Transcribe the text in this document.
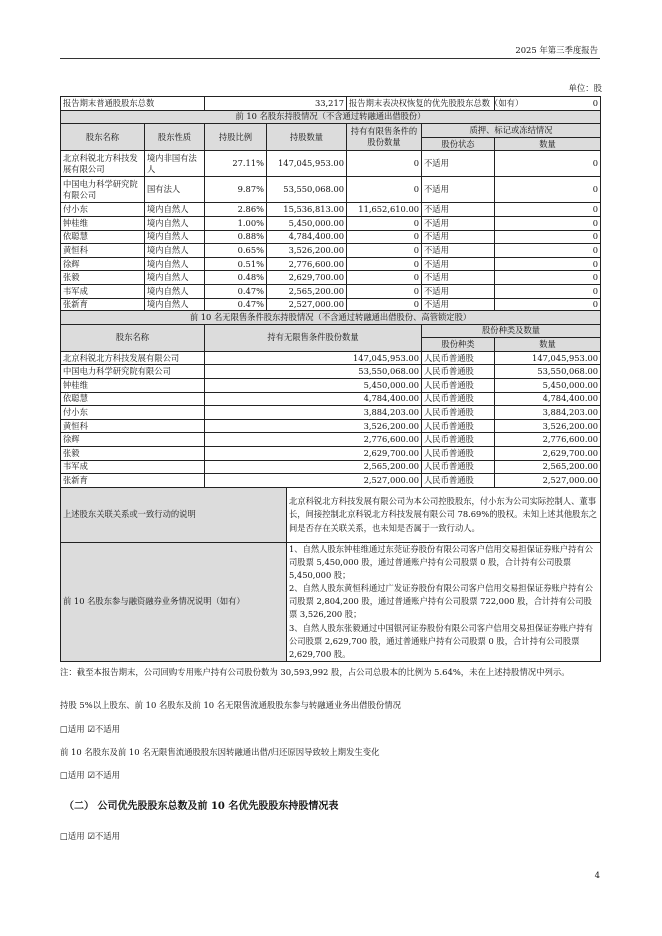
2025 年第三季度报告
单位：股
报告期末普通股股东总数		33,217		报告期末表决权恢复的优先股股东总数（如有）		0
前 10 名股东持股情况（不含通过转融通出借股份）						
股东名称	股东性质	持股比例	持股数量	持有有限售条件的股份数量	质押、标记或冻结情况	
					股份状态	数量
北京科锐北方科技发展有限公司	境内非国有法人	27.11%	147,045,953.00	0	不适用	0
中国电力科学研究院有限公司	国有法人	9.87%	53,550,068.00	0	不适用	0
付小东	境内自然人	2.86%	15,536,813.00	11,652,610.00	不适用	0
钟桂维	境内自然人	1.00%	5,450,000.00	0	不适用	0
依聪慧	境内自然人	0.88%	4,784,400.00	0	不适用	0
黄恒科	境内自然人	0.65%	3,526,200.00	0	不适用	0
徐辉	境内自然人	0.51%	2,776,600.00	0	不适用	0
张毅	境内自然人	0.48%	2,629,700.00	0	不适用	0
韦军成	境内自然人	0.47%	2,565,200.00	0	不适用	0
张新育	境内自然人	0.47%	2,527,000.00	0	不适用	0
前 10 名无限售条件股东持股情况（不含通过转融通出借股份、高管锁定股）			
股东名称	持有无限售条件股份数量	股份种类及数量	
		股份种类	数量
北京科锐北方科技发展有限公司	147,045,953.00	人民币普通股	147,045,953.00
中国电力科学研究院有限公司	53,550,068.00	人民币普通股	53,550,068.00
钟桂维	5,450,000.00	人民币普通股	5,450,000.00
依聪慧	4,784,400.00	人民币普通股	4,784,400.00
付小东	3,884,203.00	人民币普通股	3,884,203.00
黄恒科	3,526,200.00	人民币普通股	3,526,200.00
徐辉	2,776,600.00	人民币普通股	2,776,600.00
张毅	2,629,700.00	人民币普通股	2,629,700.00
韦军成	2,565,200.00	人民币普通股	2,565,200.00
张新育	2,527,000.00	人民币普通股	2,527,000.00
上述股东关联关系或一致行动的说明	北京科锐北方科技发展有限公司为本公司控股股东，付小东为公司实际控制人、董事长，间接控制北京科锐北方科技发展有限公司 78.69%的股权。未知上述其他股东之间是否存在关联关系，也未知是否属于一致行动人。
前 10 名股东参与融资融券业务情况说明（如有）	1、自然人股东钟桂维通过东莞证券股份有限公司客户信用交易担保证券账户持有公司股票 5,450,000 股，通过普通账户持有公司股票 0 股，合计持有公司股票 5,450,000 股；
2、自然人股东黄恒科通过广发证券股份有限公司客户信用交易担保证券账户持有公司股票 2,804,200 股，通过普通账户持有公司股票 722,000 股，合计持有公司股票 3,526,200 股；
3、自然人股东张毅通过中国银河证券股份有限公司客户信用交易担保证券账户持有公司股票 2,629,700 股，通过普通账户持有公司股票 0 股，合计持有公司股票 2,629,700 股。
注：截至本报告期末，公司回购专用账户持有公司股份数为 30,593,992 股，占公司总股本的比例为 5.64%，未在上述持股情况中列示。
持股 5%以上股东、前 10 名股东及前 10 名无限售流通股股东参与转融通业务出借股份情况
□适用 ☑不适用
前 10 名股东及前 10 名无限售流通股股东因转融通出借/归还原因导致较上期发生变化
□适用 ☑不适用
（二） 公司优先股股东总数及前 10 名优先股股东持股情况表
□适用 ☑不适用
4
